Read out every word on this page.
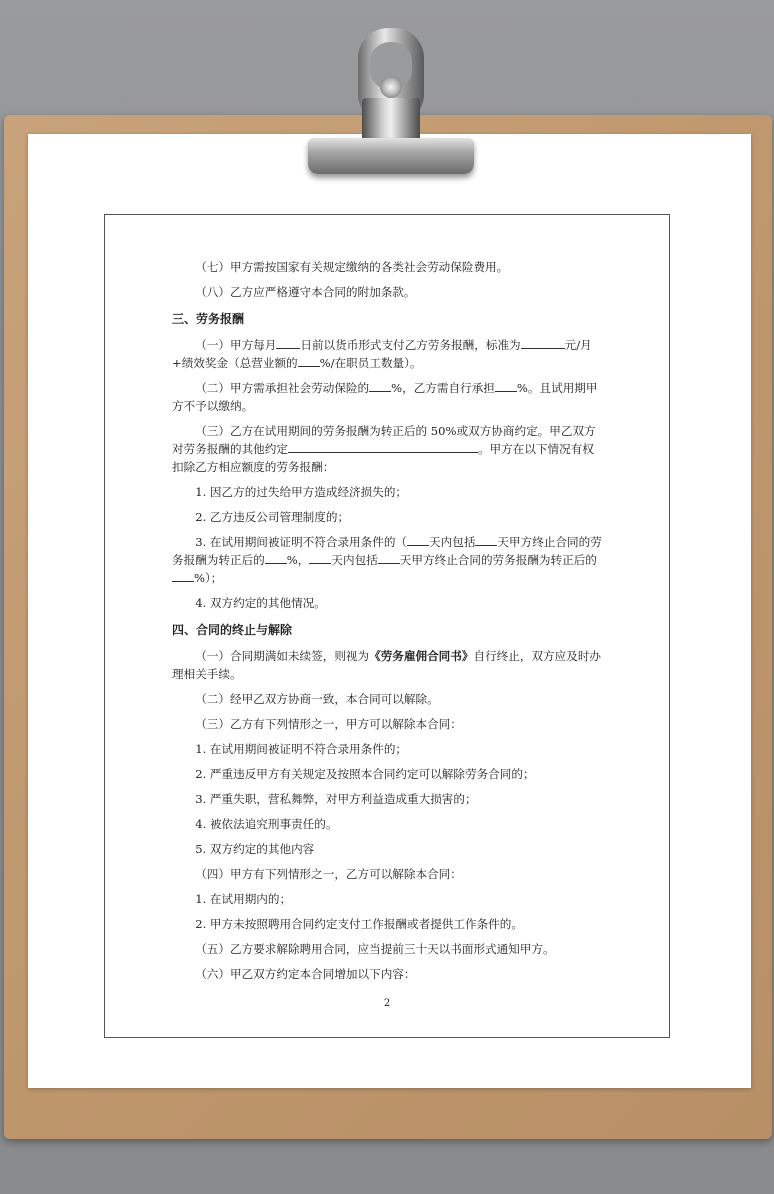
（七）甲方需按国家有关规定缴纳的各类社会劳动保险费用。

（八）乙方应严格遵守本合同的附加条款。

三、劳务报酬

（一）甲方每月 日前以货币形式支付乙方劳务报酬，标准为	元/月+绩效奖金（总营业额的 %/在职员工数量）。

（二）甲方需承担社会劳动保险的 %，乙方需自行承担 %。且试用期甲方不予以缴纳。

（三）乙方在试用期间的劳务报酬为转正后的 50%或双方协商约定。甲乙双方对劳务报酬的其他约定	。甲方在以下情况有权扣除乙方相应额度的劳务报酬：

1. 因乙方的过失给甲方造成经济损失的；

2. 乙方违反公司管理制度的；

3. 在试用期间被证明不符合录用条件的（ 天内包括 天甲方终止合同的劳务报酬为转正后的 %， 天内包括 天甲方终止合同的劳务报酬为转正后的%）；

4. 双方约定的其他情况。

四、合同的终止与解除

（一）合同期满如未续签，则视为《劳务雇佣合同书》自行终止，双方应及时办理相关手续。

（二）经甲乙双方协商一致，本合同可以解除。

（三）乙方有下列情形之一，甲方可以解除本合同：

1. 在试用期间被证明不符合录用条件的；

2. 严重违反甲方有关规定及按照本合同约定可以解除劳务合同的；

3. 严重失职，营私舞弊，对甲方利益造成重大损害的；

4. 被依法追究刑事责任的。

5. 双方约定的其他内容

（四）甲方有下列情形之一，乙方可以解除本合同：

1. 在试用期内的；

2. 甲方未按照聘用合同约定支付工作报酬或者提供工作条件的。

（五）乙方要求解除聘用合同，应当提前三十天以书面形式通知甲方。

（六）甲乙双方约定本合同增加以下内容：

2
